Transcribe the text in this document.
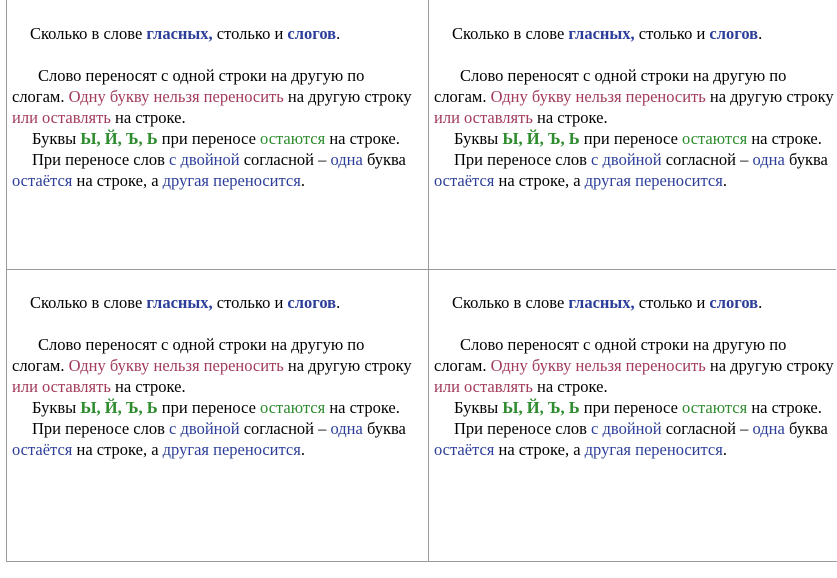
Сколько в слове гласных, столько и слогов.

Слово переносят с одной строки на другую по слогам. Одну букву нельзя переносить на другую строку или оставлять на строке.

Буквы Ы, Й, Ъ, Ь при переносе остаются на строке.

При переносе слов с двойной согласной – одна буква остаётся на строке, а другая переносится.

Сколько в слове гласных, столько и слогов.

Слово переносят с одной строки на другую по слогам. Одну букву нельзя переносить на другую строку или оставлять на строке.

Буквы Ы, Й, Ъ, Ь при переносе остаются на строке.

При переносе слов с двойной согласной – одна буква остаётся на строке, а другая переносится.

Сколько в слове гласных, столько и слогов.

Слово переносят с одной строки на другую по слогам. Одну букву нельзя переносить на другую строку или оставлять на строке.

Буквы Ы, Й, Ъ, Ь при переносе остаются на строке.

При переносе слов с двойной согласной – одна буква остаётся на строке, а другая переносится.

Сколько в слове гласных, столько и слогов.

Слово переносят с одной строки на другую по слогам. Одну букву нельзя переносить на другую строку или оставлять на строке.

Буквы Ы, Й, Ъ, Ь при переносе остаются на строке.

При переносе слов с двойной согласной – одна буква остаётся на строке, а другая переносится.
